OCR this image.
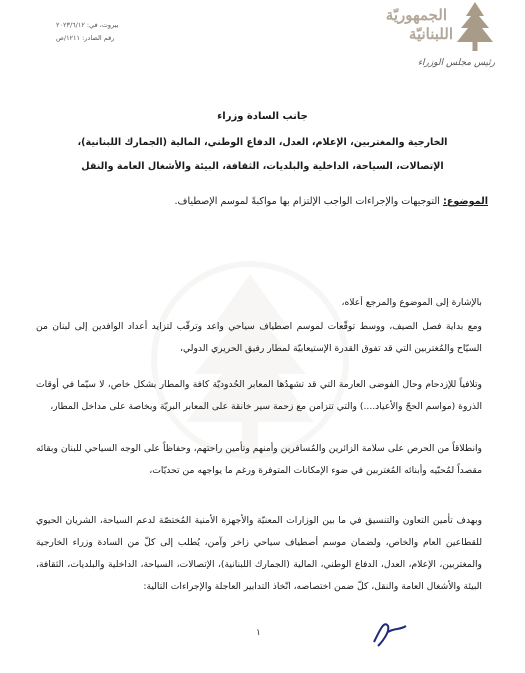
الجمهوريّة
اللبنانيّة
رئيس مجلس الوزراء
بيروت، في: ٢٠٢٣/٦/١٢
رقم الصادر: ١٢١١/ص
جانب السادة وزراء
الخارجية والمغتربين، الإعلام، العدل، الدفاع الوطني، المالية (الجمارك اللبنانية)،
الإتصالات، السياحة، الداخلية والبلديات، الثقافة، البيئة والأشغال العامة والنقل
الموضوع: التوجيهات والإجراءات الواجب الإلتزام بها مواكبةً لموسم الإصطياف.
بالإشارة إلى الموضوع والمرجع أعلاه،
ومع بداية فصل الصيف، ووسط توقّعات لموسم اصطياف سياحي واعد وترقّب لتزايد أعداد الوافدين إلى لبنان من السيّاح والمُغتربين التي قد تفوق القدرة الإستيعابيّة لمطار رفيق الحريري الدولي،
وتلافياً للإزدحام وحال الفوضى العارمة التي قد تشهدُها المعابر الحُدوديّة كافة والمطار بشكل خاص، لا سيّما في أوقات الذروة (مواسم الحجّ والأعياد....) والتي تتزامن مع زحمة سير خانقة على المعابر البريّة وبخاصة على مداخل المطار،
وانطلاقاً من الحرص على سلامة الزائرين والمُسافرين وأمنهم وتأمين راحتهم، وحفاظاً على الوجه السياحي للبنان وبقائه مقصداً لمُحبّيه وأبنائه المُغتربين في ضوء الإمكانات المتوفرة ورغم ما يواجهه من تحديّات،
وبهدف تأمين التعاون والتنسيق في ما بين الوزارات المعنيّة والأجهزة الأمنية المُختصّة لدعم السياحة، الشريان الحيوي للقطاعين العام والخاص، ولضمان موسم أصطياف سياحي زاخر وآمن، يُطلب إلى كلّ من السادة وزراء الخارجية والمغتربين، الإعلام، العدل، الدفاع الوطني، المالية (الجمارك اللبنانية)، الإتصالات، السياحة، الداخلية والبلديات، الثقافة، البيئة والأشغال العامة والنقل، كلّ ضمن اختصاصه، اتّخاذ التدابير العاجلة والإجراءات التالية:
١
